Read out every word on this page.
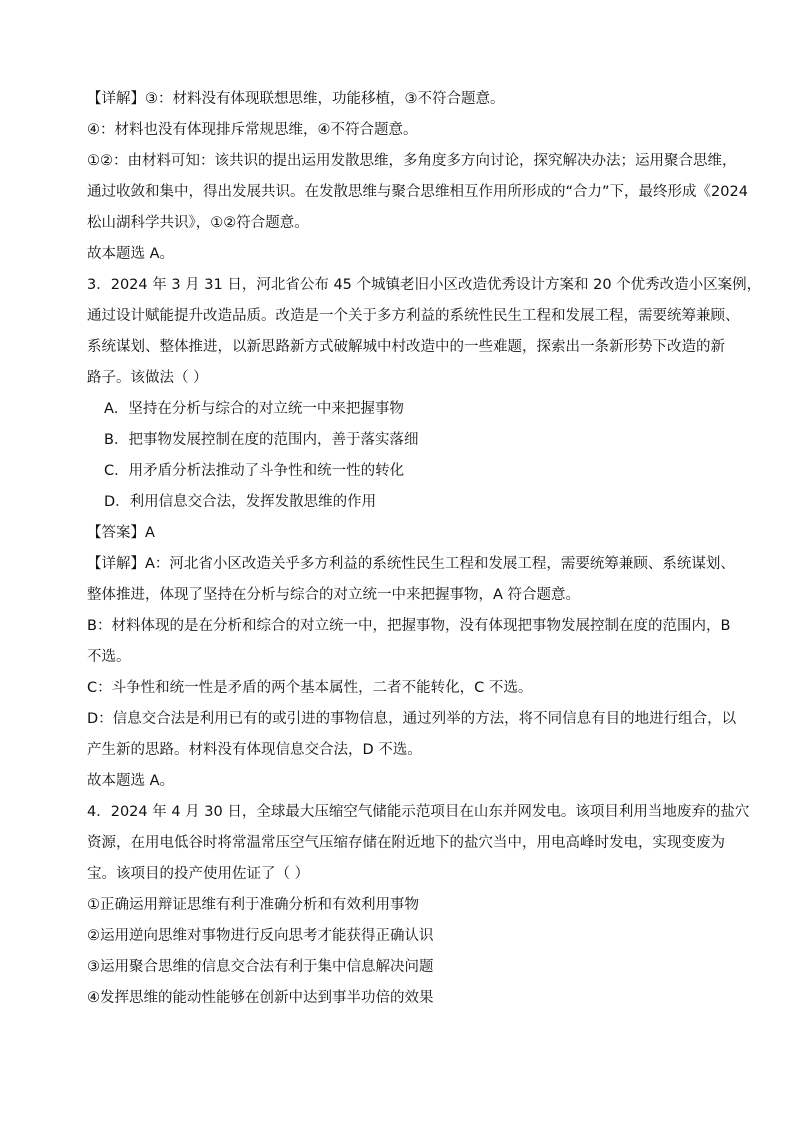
【详解】③：材料没有体现联想思维，功能移植，③不符合题意。
④：材料也没有体现排斥常规思维，④不符合题意。
①②：由材料可知：该共识的提出运用发散思维，多角度多方向讨论，探究解决办法；运用聚合思维，
通过收敛和集中，得出发展共识。在发散思维与聚合思维相互作用所形成的“合力”下，最终形成《2024
松山湖科学共识》，①②符合题意。
故本题选 A。
3．2024 年 3 月 31 日，河北省公布 45 个城镇老旧小区改造优秀设计方案和 20 个优秀改造小区案例，
通过设计赋能提升改造品质。改造是一个关于多方利益的系统性民生工程和发展工程，需要统筹兼顾、
系统谋划、整体推进，以新思路新方式破解城中村改造中的一些难题，探索出一条新形势下改造的新
路子。该做法（ ）
A．坚持在分析与综合的对立统一中来把握事物
B．把事物发展控制在度的范围内，善于落实落细
C．用矛盾分析法推动了斗争性和统一性的转化
D．利用信息交合法，发挥发散思维的作用
【答案】A
【详解】A：河北省小区改造关乎多方利益的系统性民生工程和发展工程，需要统筹兼顾、系统谋划、
整体推进，体现了坚持在分析与综合的对立统一中来把握事物，A 符合题意。
B：材料体现的是在分析和综合的对立统一中，把握事物，没有体现把事物发展控制在度的范围内，B
不选。
C：斗争性和统一性是矛盾的两个基本属性，二者不能转化，C 不选。
D：信息交合法是利用已有的或引进的事物信息，通过列举的方法，将不同信息有目的地进行组合，以
产生新的思路。材料没有体现信息交合法，D 不选。
故本题选 A。
4．2024 年 4 月 30 日，全球最大压缩空气储能示范项目在山东并网发电。该项目利用当地废弃的盐穴
资源，在用电低谷时将常温常压空气压缩存储在附近地下的盐穴当中，用电高峰时发电，实现变废为
宝。该项目的投产使用佐证了（ ）
①正确运用辩证思维有利于准确分析和有效利用事物
②运用逆向思维对事物进行反向思考才能获得正确认识
③运用聚合思维的信息交合法有利于集中信息解决问题
④发挥思维的能动性能够在创新中达到事半功倍的效果
